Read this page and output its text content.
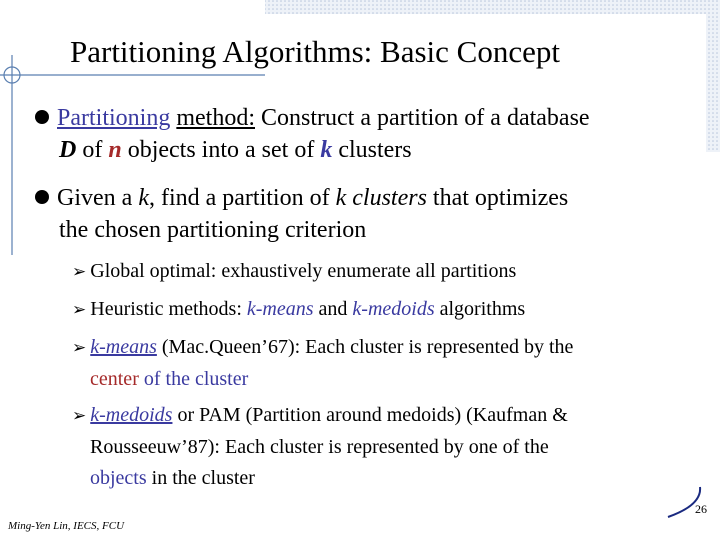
Partitioning Algorithms: Basic Concept
Partitioning method: Construct a partition of a database
D of n objects into a set of k clusters
Given a k, find a partition of k clusters that optimizes
the chosen partitioning criterion
➢ Global optimal: exhaustively enumerate all partitions
➢ Heuristic methods: k-means and k-medoids algorithms
➢ k-means (Mac.Queen’67): Each cluster is represented by the
center of the cluster
➢ k-medoids or PAM (Partition around medoids) (Kaufman &
Rousseeuw’87): Each cluster is represented by one of the
objects in the cluster
Ming-Yen Lin, IECS, FCU
26
